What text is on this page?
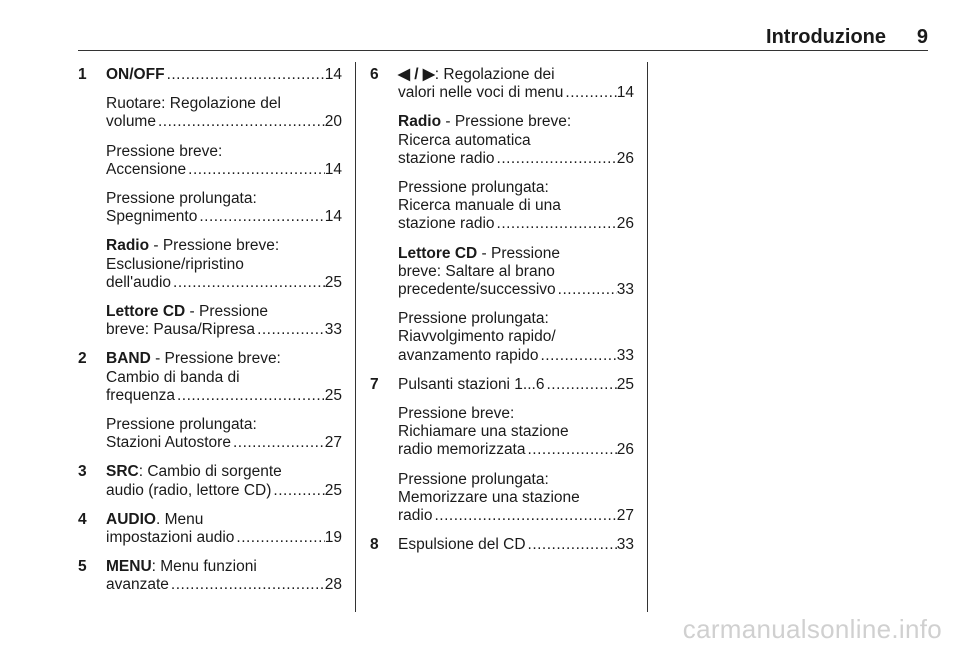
Introduzione 9
1 ON/OFF .....	14
Ruotare: Regolazione del
volume .....	20
Pressione breve:
Accensione .....	14
Pressione prolungata:
Spegnimento .....	14
Radio - Pressione breve:
Esclusione/ripristino
dell'audio .....	25
Lettore CD - Pressione
breve: Pausa/Ripresa .....	33
2 BAND - Pressione breve:
Cambio di banda di
frequenza .....	25
Pressione prolungata:
Stazioni Autostore .....	27
3 SRC: Cambio di sorgente
audio (radio, lettore CD) .....	25
4 AUDIO. Menu
impostazioni audio .....	19
5 MENU: Menu funzioni
avanzate .....	28
6 ◀ / ▶: Regolazione dei
valori nelle voci di menu .....	14
Radio - Pressione breve:
Ricerca automatica
stazione radio .....	26
Pressione prolungata:
Ricerca manuale di una
stazione radio .....	26
Lettore CD - Pressione
breve: Saltare al brano
precedente/successivo .....	33
Pressione prolungata:
Riavvolgimento rapido/
avanzamento rapido .....	33
7 Pulsanti stazioni 1...6 .....	25
Pressione breve:
Richiamare una stazione
radio memorizzata .....	26
Pressione prolungata:
Memorizzare una stazione
radio .....	27
8 Espulsione del CD .....	33
carmanualsonline.info
